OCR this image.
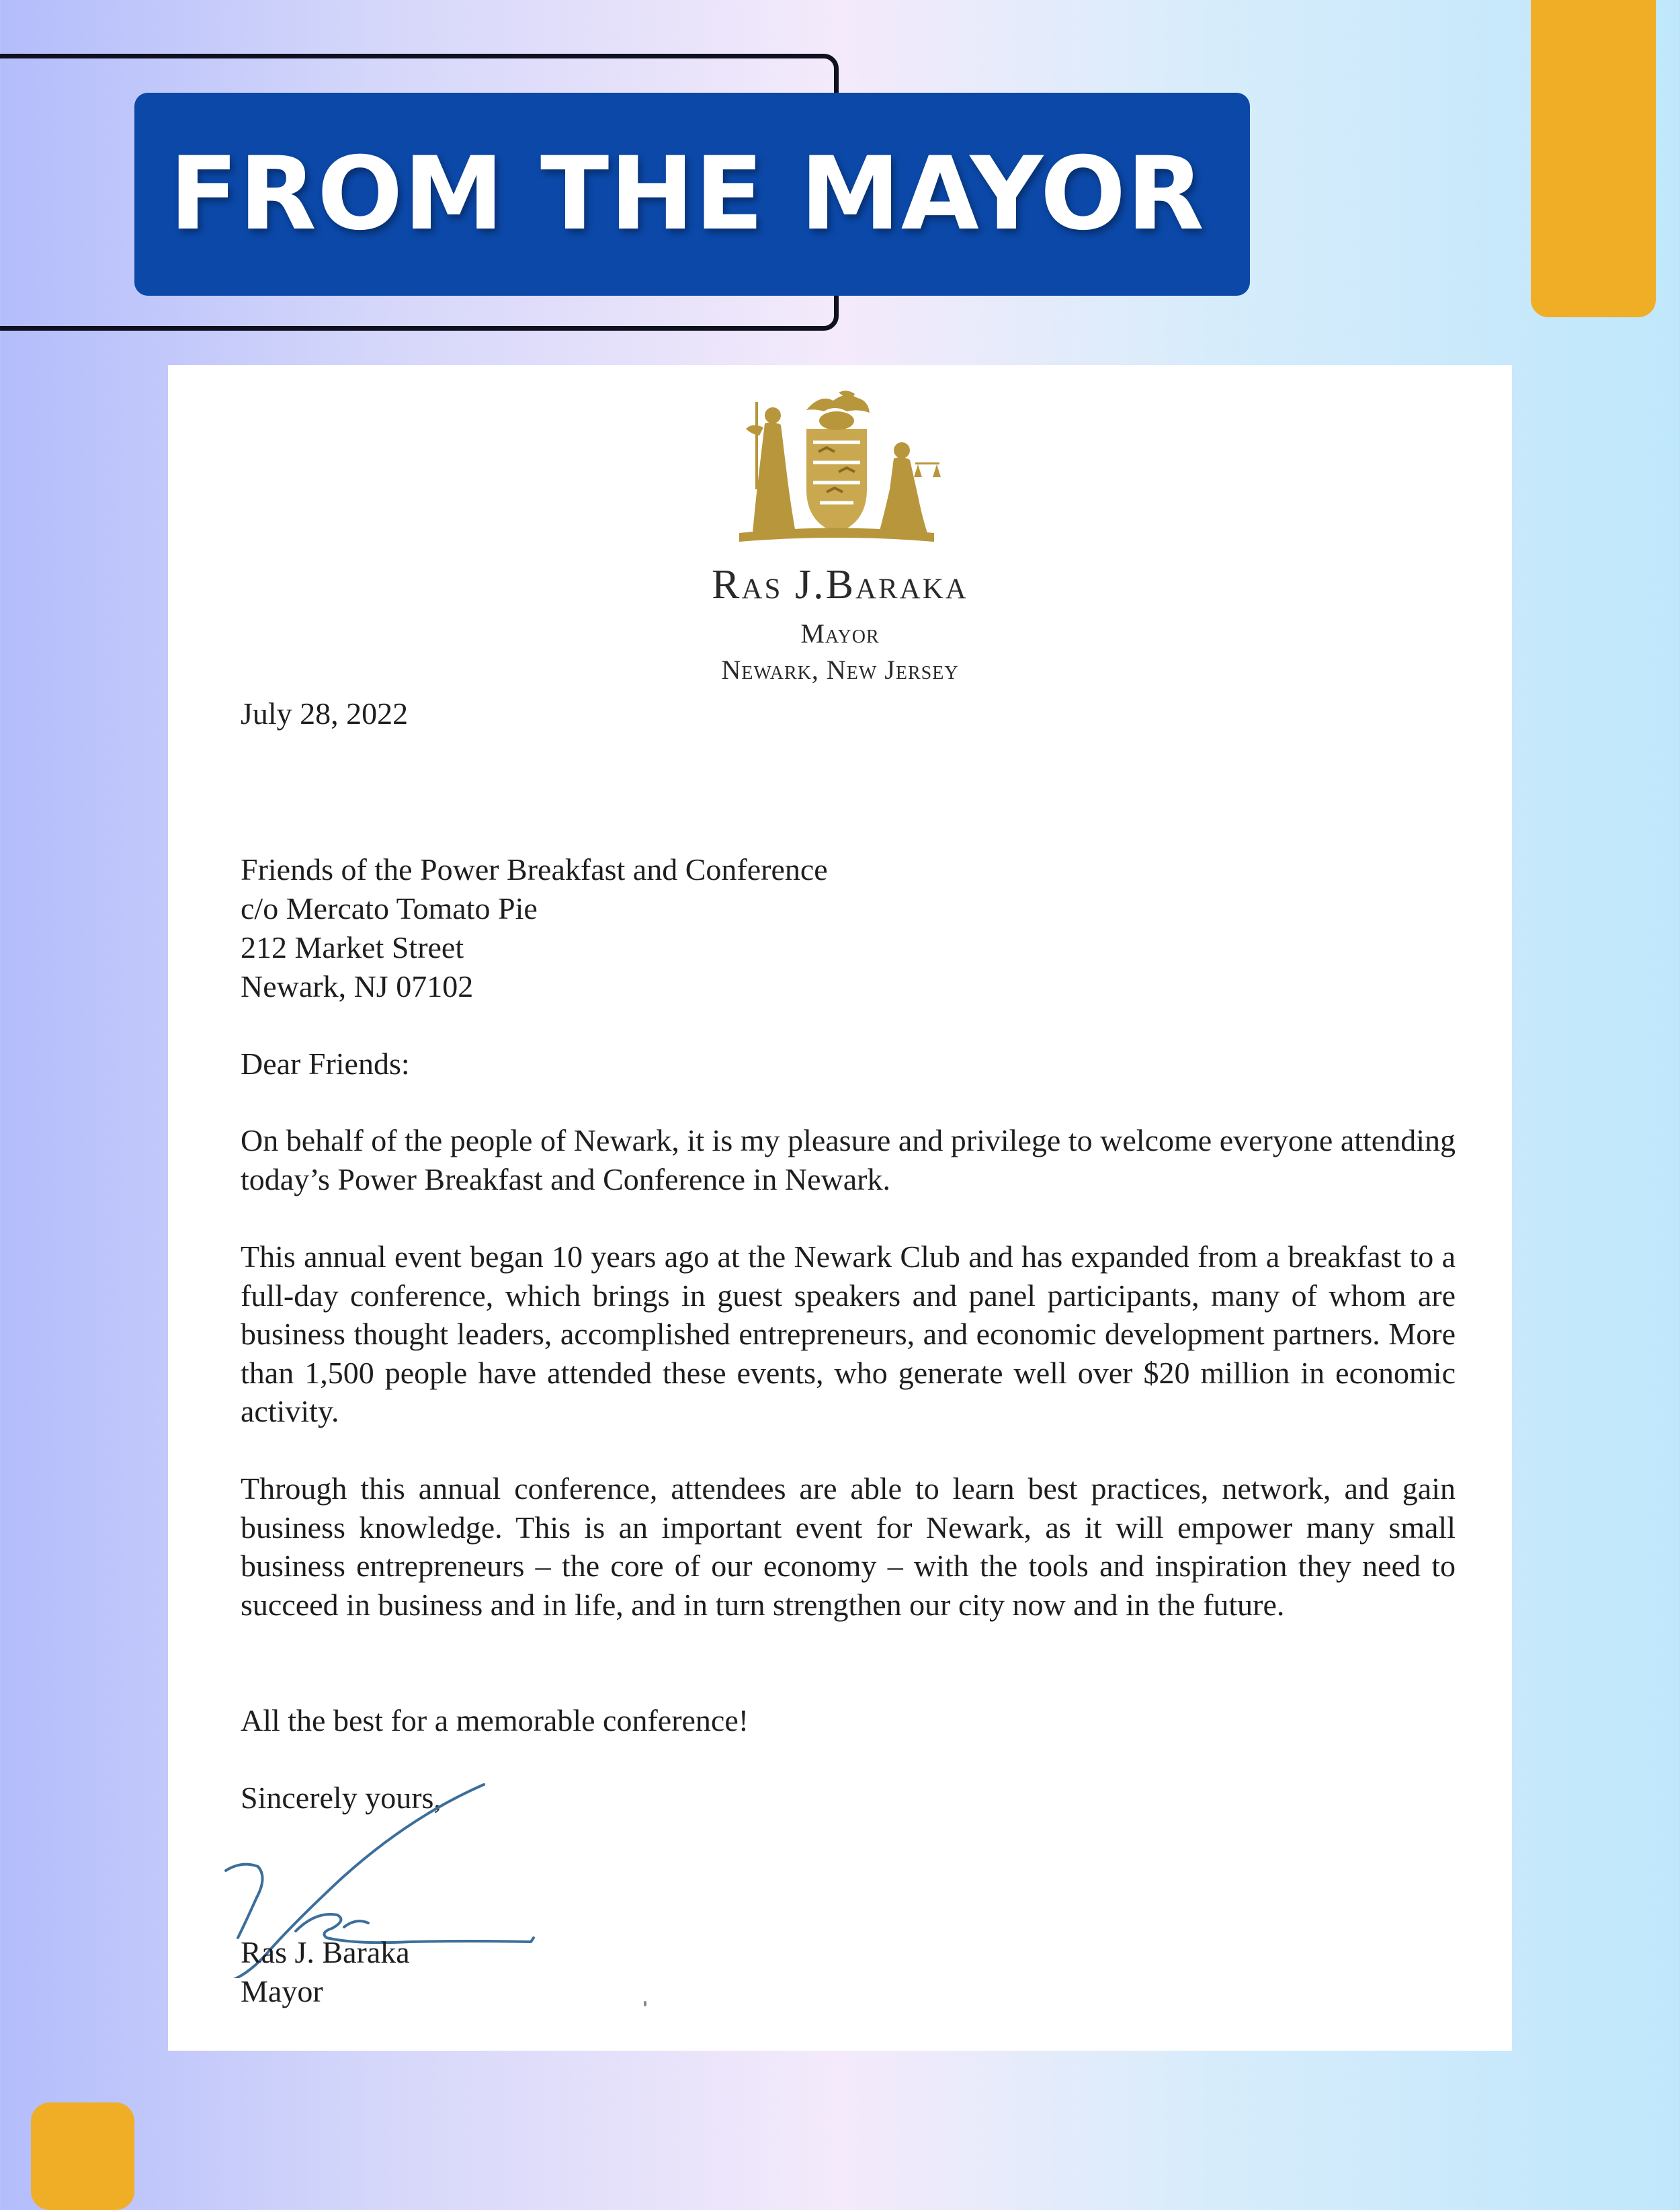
FROM THE MAYOR
Ras J.Baraka
Mayor
Newark, New Jersey
July 28, 2022
Friends of the Power Breakfast and Conference
c/o Mercato Tomato Pie
212 Market Street
Newark, NJ 07102
Dear Friends:
On behalf of the people of Newark, it is my pleasure and privilege to welcome everyone attending today’s Power Breakfast and Conference in Newark.
This annual event began 10 years ago at the Newark Club and has expanded from a breakfast to a full-day conference, which brings in guest speakers and panel participants, many of whom are business thought leaders, accomplished entrepreneurs, and economic development partners. More than 1,500 people have attended these events, who generate well over $20 million in economic activity.
Through this annual conference, attendees are able to learn best practices, network, and gain business knowledge. This is an important event for Newark, as it will empower many small business entrepreneurs – the core of our economy – with the tools and inspiration they need to succeed in business and in life, and in turn strengthen our city now and in the future.
All the best for a memorable conference!
Sincerely yours,
Ras J. Baraka
Mayor
